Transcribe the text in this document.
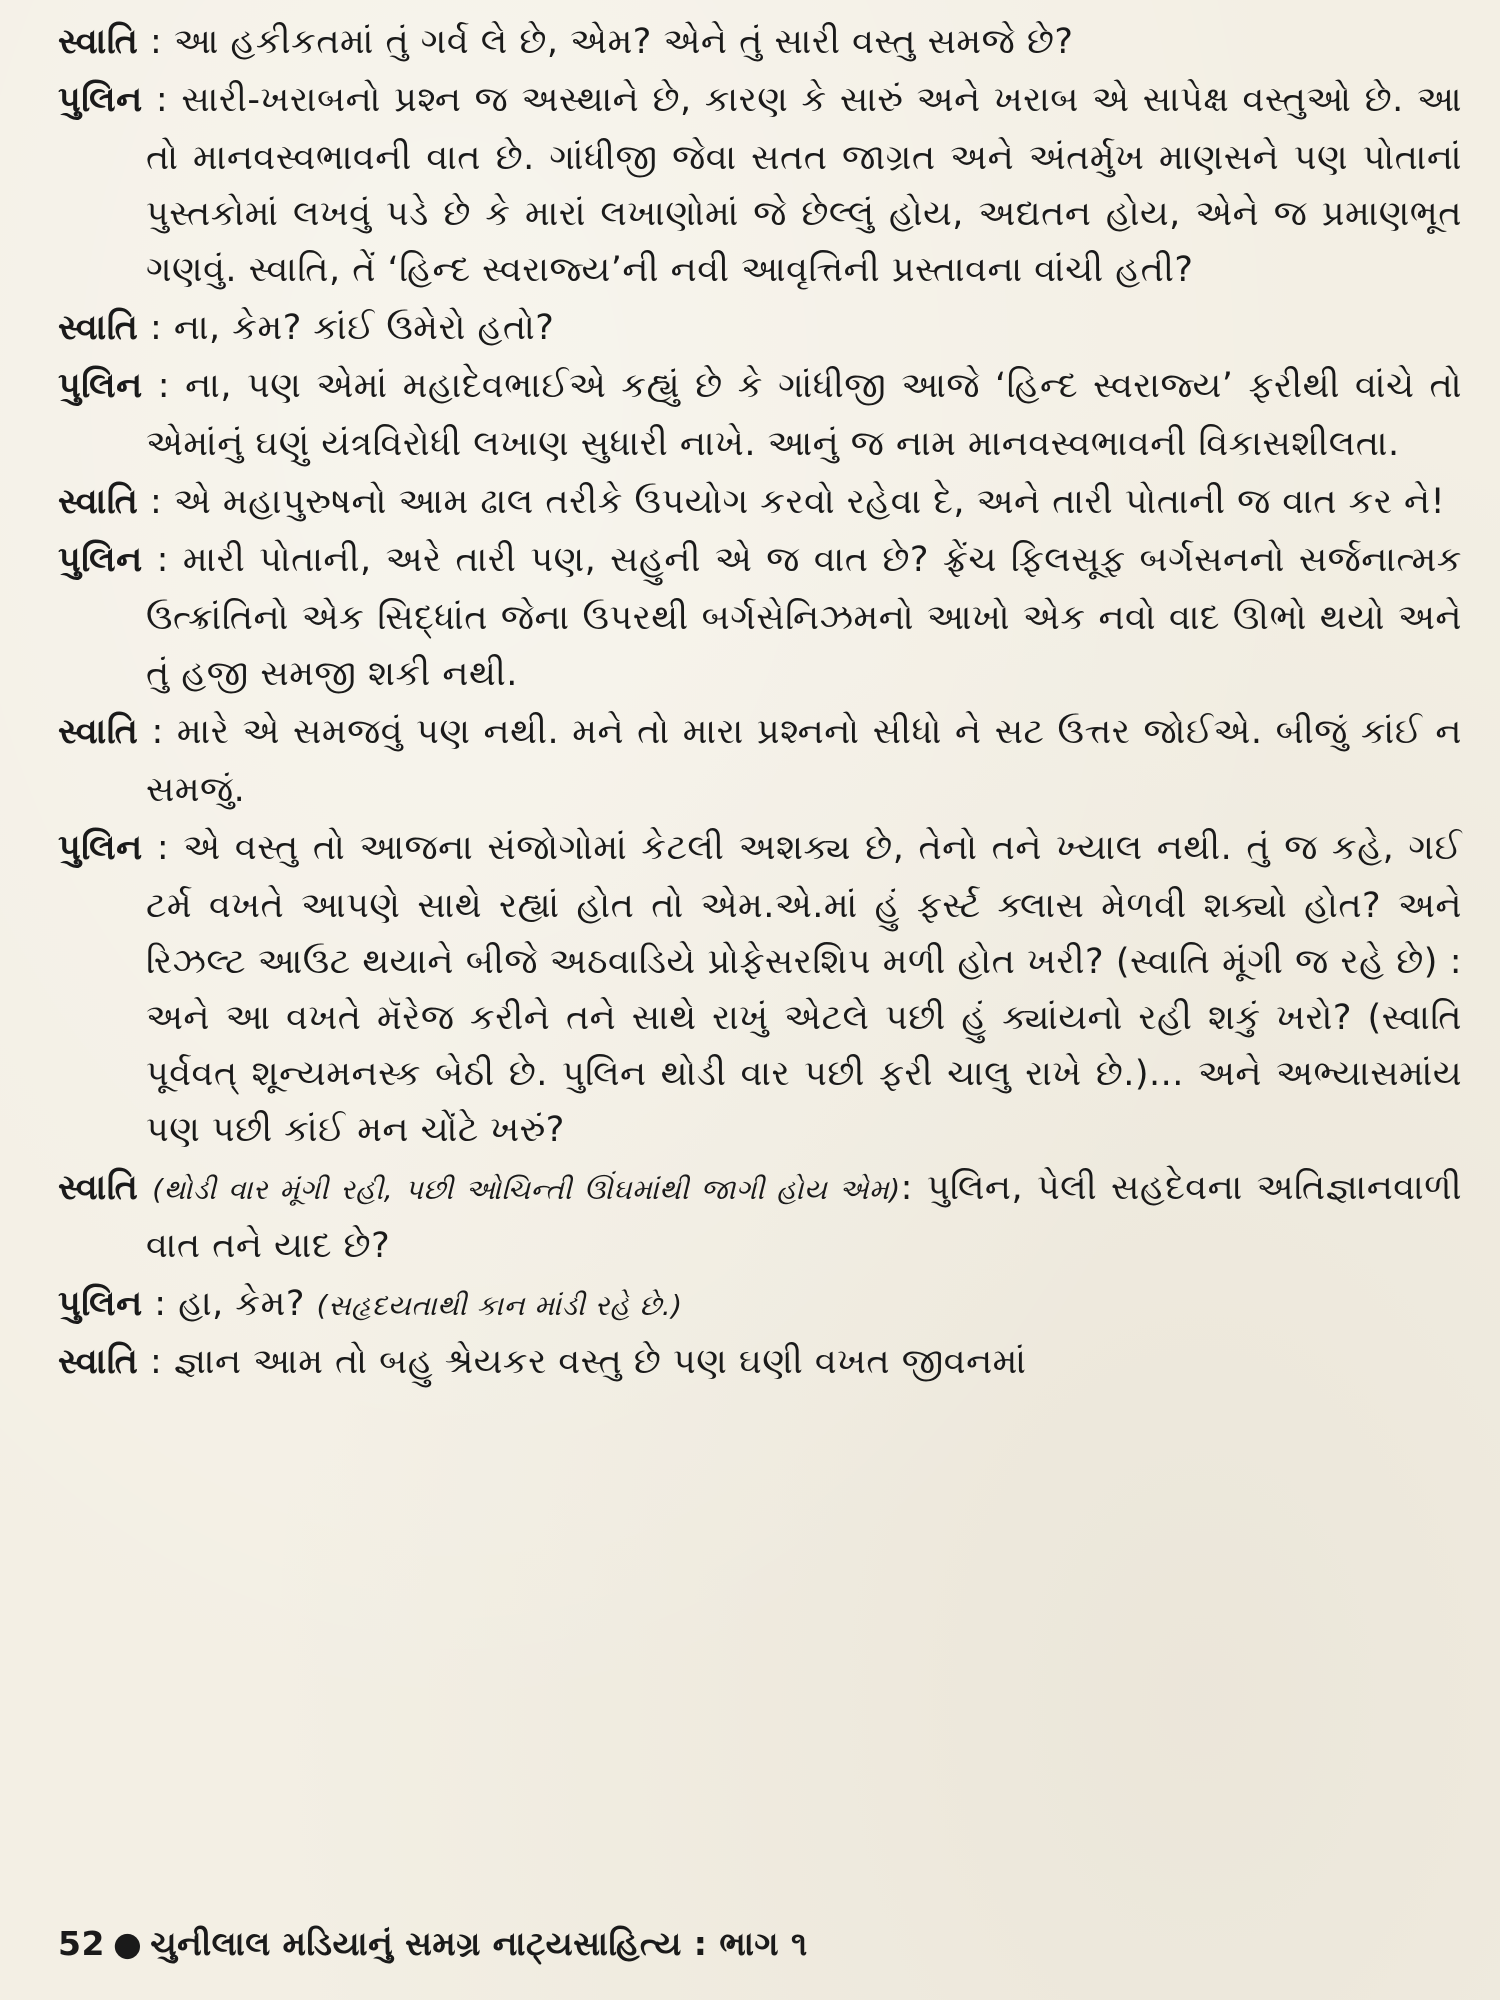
સ્વાતિ : આ હકીકતમાં તું ગર્વ લે છે, એમ? એને તું સારી વસ્તુ સમજે છે?

પુલિન : સારી-ખરાબનો પ્રશ્ન જ અસ્થાને છે, કારણ કે સારું અને ખરાબ એ સાપેક્ષ વસ્તુઓ છે. આ તો માનવસ્વભાવની વાત છે. ગાંધીજી જેવા સતત જાગ્રત અને અંતર્મુખ માણસને પણ પોતાનાં પુસ્તકોમાં લખવું પડે છે કે મારાં લખાણોમાં જે છેલ્લું હોય, અદ્યતન હોય, એને જ પ્રમાણભૂત ગણવું. સ્વાતિ, તેં ‘હિન્દ સ્વરાજ્ય’ની નવી આવૃત્તિની પ્રસ્તાવના વાંચી હતી?

સ્વાતિ : ના, કેમ? કાંઈ ઉમેરો હતો?

પુલિન : ના, પણ એમાં મહાદેવભાઈએ કહ્યું છે કે ગાંધીજી આજે ‘હિન્દ સ્વરાજ્ય’ ફરીથી વાંચે તો એમાંનું ઘણું યંત્રવિરોધી લખાણ સુધારી નાખે. આનું જ નામ માનવસ્વભાવની વિકાસશીલતા.

સ્વાતિ : એ મહાપુરુષનો આમ ઢાલ તરીકે ઉપયોગ કરવો રહેવા દે, અને તારી પોતાની જ વાત કર ને!

પુલિન : મારી પોતાની, અરે તારી પણ, સહુની એ જ વાત છે? ફ્રેંચ ફિલસૂફ બર્ગસનનો સર્જનાત્મક ઉત્ક્રાંતિનો એક સિદ્ધાંત જેના ઉપરથી બર્ગસેનિઝમનો આખો એક નવો વાદ ઊભો થયો અને તું હજી સમજી શકી નથી.

સ્વાતિ : મારે એ સમજવું પણ નથી. મને તો મારા પ્રશ્નનો સીધો ને સટ ઉત્તર જોઈએ. બીજું કાંઈ ન સમજું.

પુલિન : એ વસ્તુ તો આજના સંજોગોમાં કેટલી અશક્ય છે, તેનો તને ખ્યાલ નથી. તું જ કહે, ગઈ ટર્મ વખતે આપણે સાથે રહ્યાં હોત તો એમ.એ.માં હું ફર્સ્ટ ક્લાસ મેળવી શક્યો હોત? અને રિઝલ્ટ આઉટ થયાને બીજે અઠવાડિયે પ્રોફેસરશિપ મળી હોત ખરી? (સ્વાતિ મૂંગી જ રહે છે) : અને આ વખતે મૅરેજ કરીને તને સાથે રાખું એટલે પછી હું ક્યાંયનો રહી શકું ખરો? (સ્વાતિ પૂર્વવત્ શૂન્યમનસ્ક બેઠી છે. પુલિન થોડી વાર પછી ફરી ચાલુ રાખે છે.)... અને અભ્યાસમાંય પણ પછી કાંઈ મન ચોંટે ખરું?

સ્વાતિ (થોડી વાર મૂંગી રહી, પછી ઓચિન્તી ઊંઘમાંથી જાગી હોય એમ): પુલિન, પેલી સહદેવના અતિજ્ઞાનવાળી વાત તને યાદ છે?

પુલિન : હા, કેમ? (સહૃદયતાથી કાન માંડી રહે છે.)

સ્વાતિ : જ્ઞાન આમ તો બહુ શ્રેયકર વસ્તુ છે પણ ઘણી વખત જીવનમાં

52 ● ચુનીલાલ મડિયાનું સમગ્ર નાટ્યસાહિત્ય : ભાગ ૧
